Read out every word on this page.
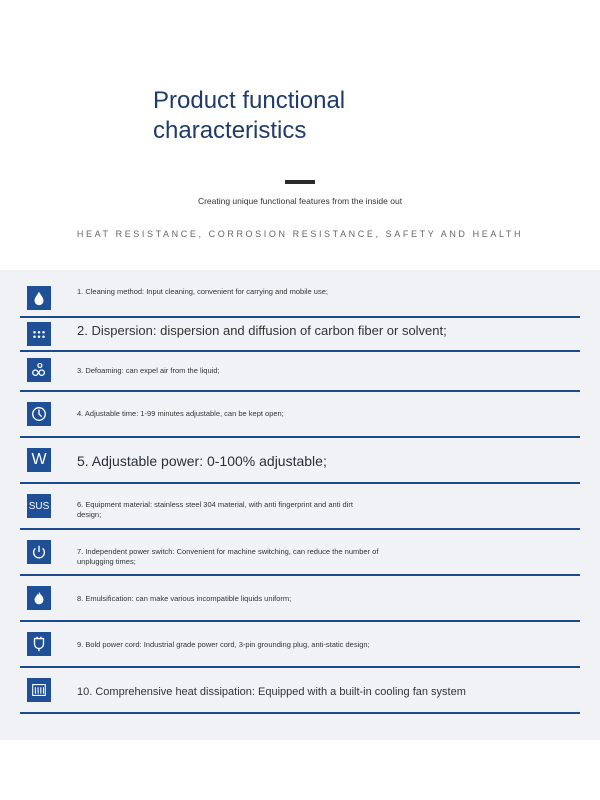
Product functional
characteristics
Creating unique functional features from the inside out
HEAT RESISTANCE, CORROSION RESISTANCE, SAFETY AND HEALTH
1. Cleaning method: Input cleaning, convenient for carrying and mobile use;
2. Dispersion: dispersion and diffusion of carbon fiber or solvent;
3. Defoaming: can expel air from the liquid;
4. Adjustable time: 1-99 minutes adjustable, can be kept open;
W	5. Adjustable power: 0-100% adjustable;
SUS	6. Equipment material: stainless steel 304 material, with anti fingerprint and anti dirt design;
7. Independent power switch: Convenient for machine switching, can reduce the number of unplugging times;
8. Emulsification: can make various incompatible liquids uniform;
9. Bold power cord: Industrial grade power cord, 3-pin grounding plug, anti-static design;
10. Comprehensive heat dissipation: Equipped with a built-in cooling fan system
